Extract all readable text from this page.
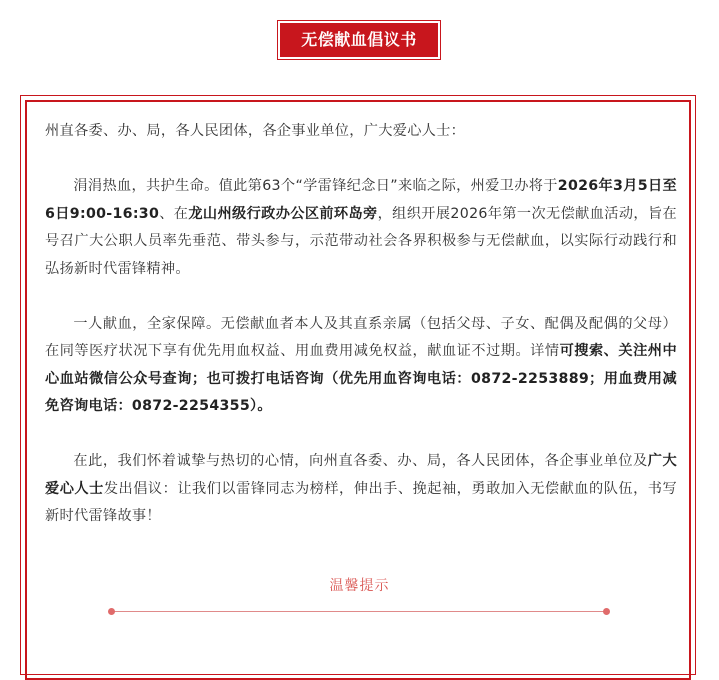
无偿献血倡议书

州直各委、办、局，各人民团体，各企事业单位，广大爱心人士：

涓涓热血，共护生命。值此第63个“学雷锋纪念日”来临之际，州爱卫办将于2026年3月5日至6日9:00-16:30、在龙山州级行政办公区前环岛旁，组织开展2026年第一次无偿献血活动，旨在号召广大公职人员率先垂范、带头参与，示范带动社会各界积极参与无偿献血，以实际行动践行和弘扬新时代雷锋精神。

一人献血，全家保障。无偿献血者本人及其直系亲属（包括父母、子女、配偶及配偶的父母）在同等医疗状况下享有优先用血权益、用血费用减免权益，献血证不过期。详情可搜索、关注州中心血站微信公众号查询；也可拨打电话咨询（优先用血咨询电话：0872-2253889；用血费用减免咨询电话：0872-2254355）。

在此，我们怀着诚挚与热切的心情，向州直各委、办、局，各人民团体，各企事业单位及广大爱心人士发出倡议：让我们以雷锋同志为榜样，伸出手、挽起袖，勇敢加入无偿献血的队伍，书写新时代雷锋故事！

温馨提示
